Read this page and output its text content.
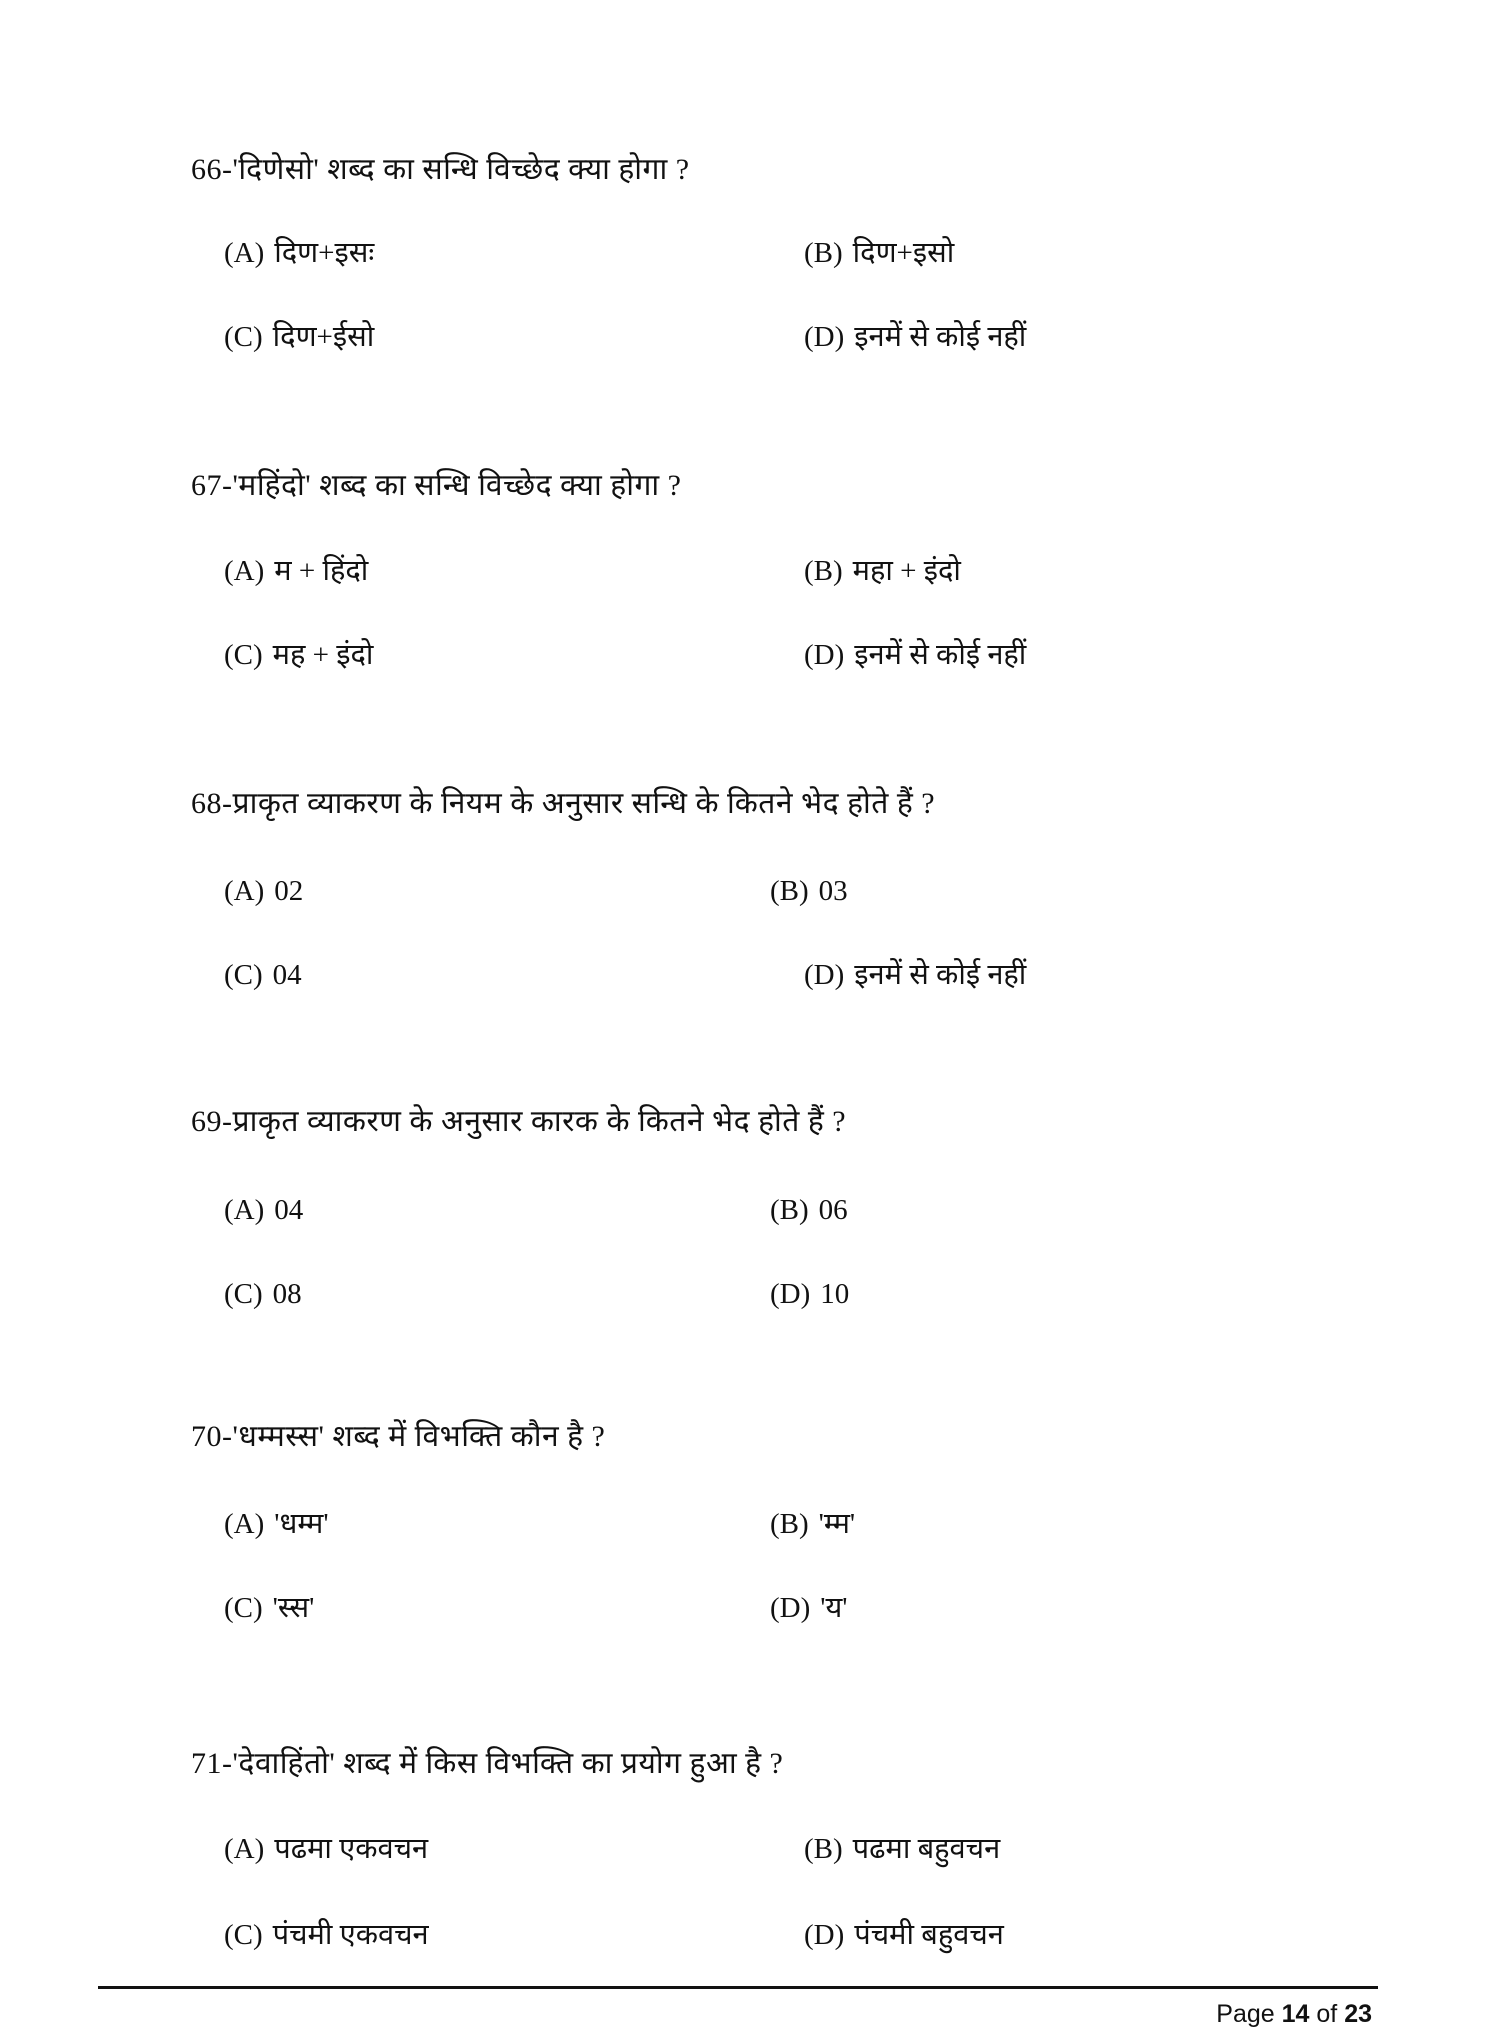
66-'दिणेसो' शब्द का सन्धि विच्छेद क्या होगा ?
(A) दिण+इसः	(B) दिण+इसो
(C) दिण+ईसो	(D) इनमें से कोई नहीं
67-'महिंदो' शब्द का सन्धि विच्छेद क्या होगा ?
(A) म + हिंदो	(B) महा + इंदो
(C) मह + इंदो	(D) इनमें से कोई नहीं
68-प्राकृत व्याकरण के नियम के अनुसार सन्धि के कितने भेद होते हैं ?
(A) 02	(B) 03
(C) 04	(D) इनमें से कोई नहीं
69-प्राकृत व्याकरण के अनुसार कारक के कितने भेद होते हैं ?
(A) 04	(B) 06
(C) 08	(D) 10
70-'धम्मस्स' शब्द में विभक्ति कौन है ?
(A) 'धम्म'	(B) 'म्म'
(C) 'स्स'	(D) 'य'
71-'देवाहिंतो' शब्द में किस विभक्ति का प्रयोग हुआ है ?
(A) पढमा एकवचन	(B) पढमा बहुवचन
(C) पंचमी एकवचन	(D) पंचमी बहुवचन
Page 14 of 23
